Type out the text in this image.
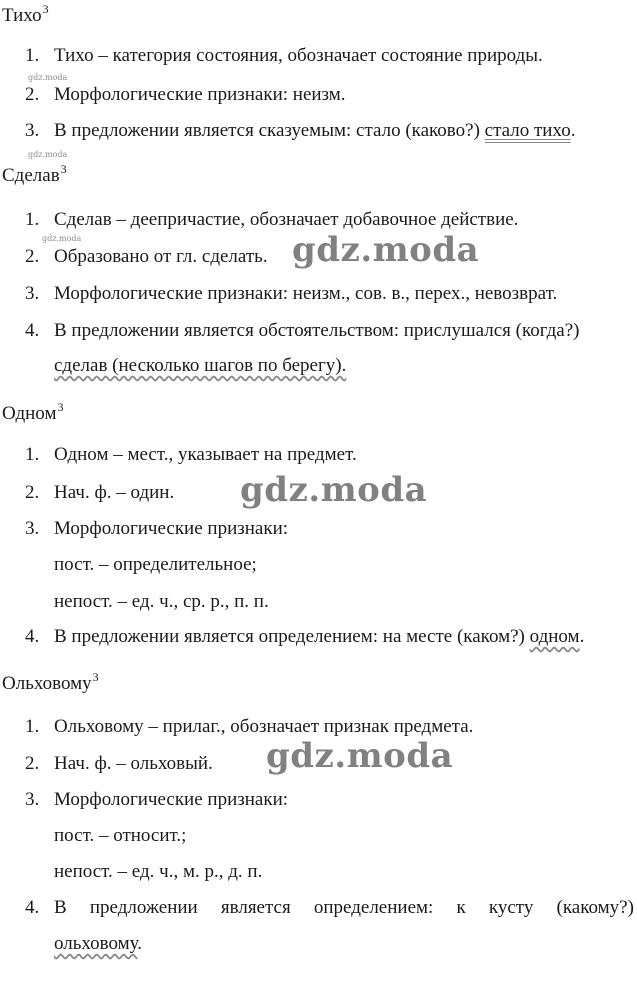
Тихо$^3$
1. Тихо – категория состояния, обозначает состояние природы.
2. Морфологические признаки: неизм.
3. В предложении является сказуемым: стало (каково?) стало тихо.
Сделав$^3$
1. Сделав – деепричастие, обозначает добавочное действие.
2. Образовано от гл. сделать.
3. Морфологические признаки: неизм., сов. в., перех., невозврат.
4. В предложении является обстоятельством: прислушался (когда?)
сделав (несколько шагов по берегу).
Одном$^3$
1. Одном – мест., указывает на предмет.
2. Нач. ф. – один.
3. Морфологические признаки:
пост. – определительное;
непост. – ед. ч., ср. р., п. п.
4. В предложении является определением: на месте (каком?) одном.
Ольховому$^3$
1. Ольховому – прилаг., обозначает признак предмета.
2. Нач. ф. – ольховый.
3. Морфологические признаки:
пост. – относит.;
непост. – ед. ч., м. р., д. п.
4. В предложении является определением: к кусту (какому?)
ольховому.
gdz.moda
gdz.moda
gdz.moda	gdz.moda
gdz.moda
gdz.moda
